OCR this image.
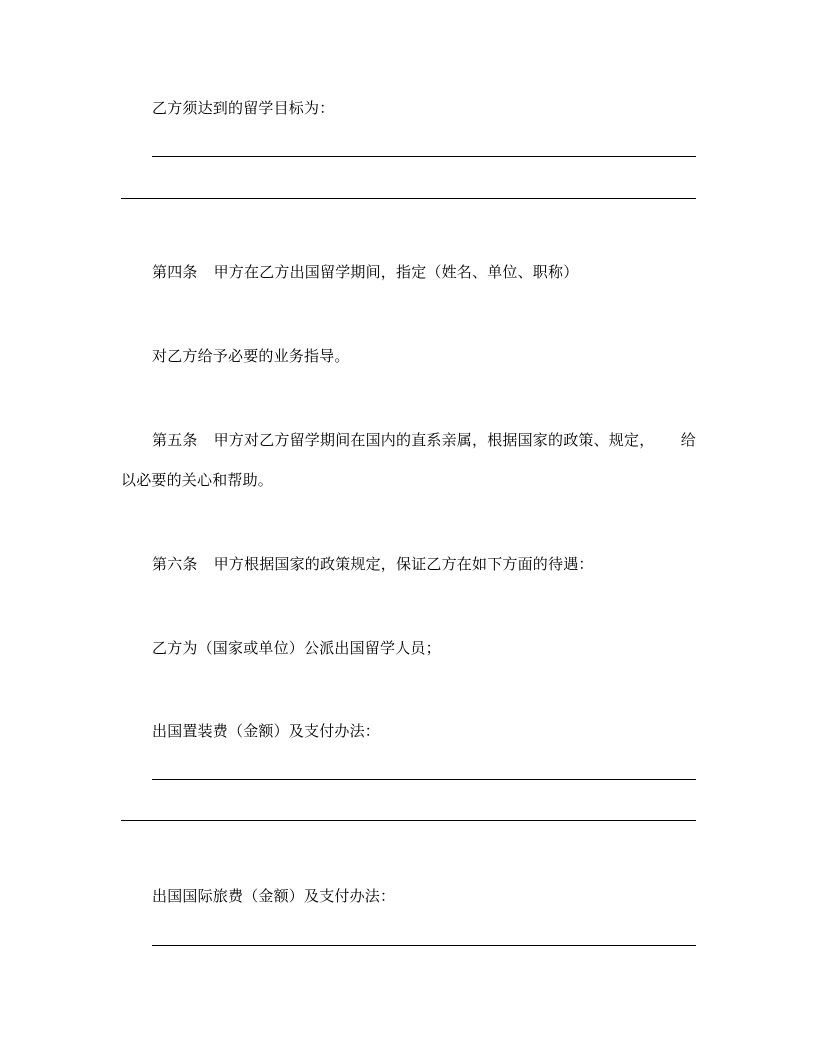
乙方须达到的留学目标为：
第四条 甲方在乙方出国留学期间，指定（姓名、单位、职称）
对乙方给予必要的业务指导。
第五条 甲方对乙方留学期间在国内的直系亲属，根据国家的政策、规定， 给
以必要的关心和帮助。
第六条 甲方根据国家的政策规定，保证乙方在如下方面的待遇：
乙方为（国家或单位）公派出国留学人员；
出国置装费（金额）及支付办法：
出国国际旅费（金额）及支付办法：
